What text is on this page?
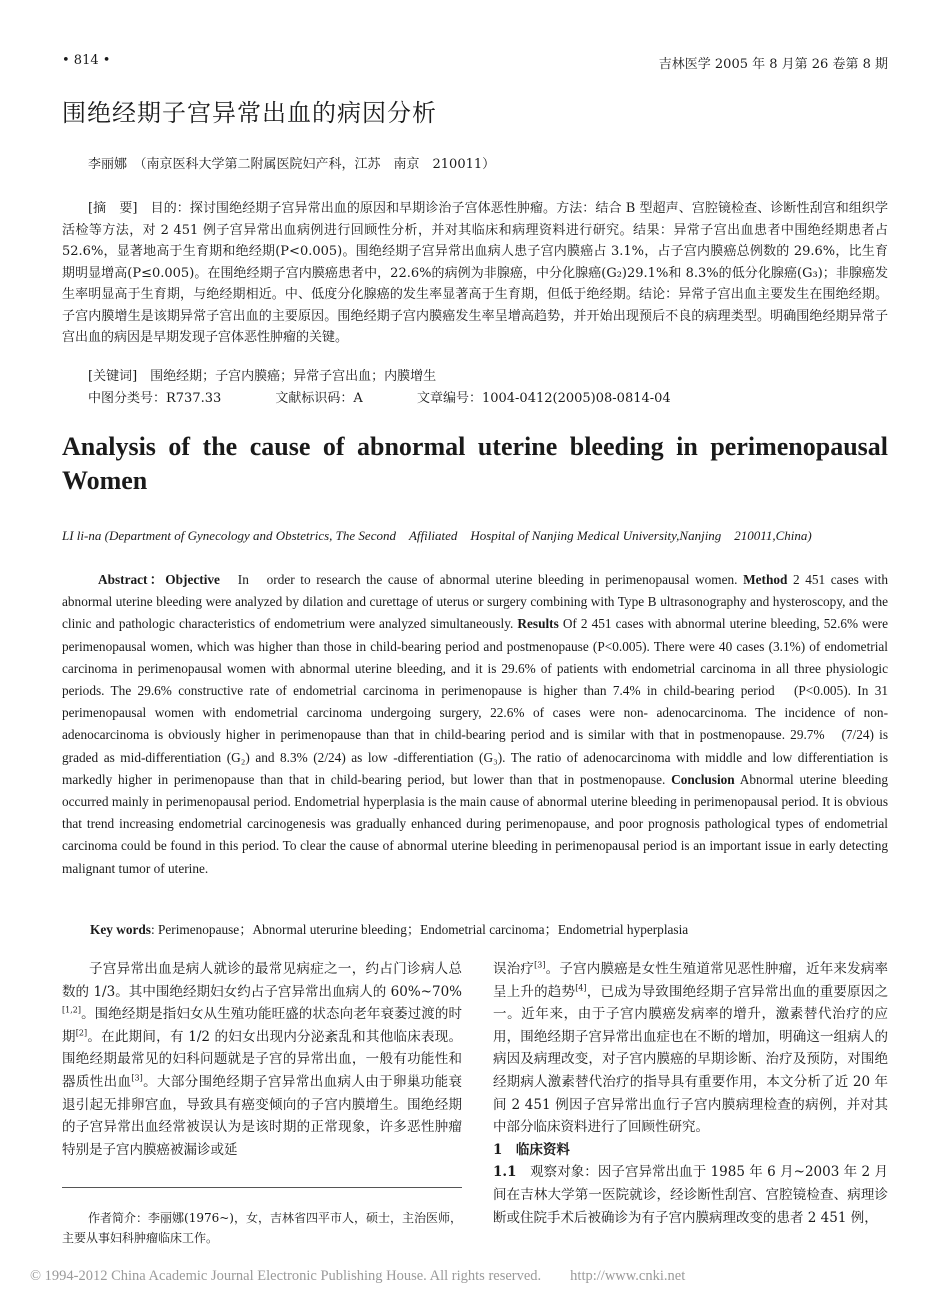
• 814 •	吉林医学 2005 年 8 月第 26 卷第 8 期
围绝经期子宫异常出血的病因分析
李丽娜　（南京医科大学第二附属医院妇产科，江苏　南京　210011）

[摘　要]　 目的：探讨围绝经期子宫异常出血的原因和早期诊治子宫体恶性肿瘤。方法：结合 B 型超声、宫腔镜检查、诊断性刮宫和组织学活检等方法，对 2 451 例子宫异常出血病例进行回顾性分析，并对其临床和病理资料进行研究。结果：异常子宫出血患者中围绝经期患者占 52.6%，显著地高于生育期和绝经期(P<0.005)。围绝经期子宫异常出血病人患子宫内膜癌占 3.1%，占子宫内膜癌总例数的 29.6%，比生育期明显增高(P≤0.005)。在围绝经期子宫内膜癌患者中，22.6%的病例为非腺癌，中分化腺癌(G₂)29.1%和 8.3%的低分化腺癌(G₃)；非腺癌发生率明显高于生育期，与绝经期相近。中、低度分化腺癌的发生率显著高于生育期，但低于绝经期。结论：异常子宫出血主要发生在围绝经期。子宫内膜增生是该期异常子宫出血的主要原因。围绝经期子宫内膜癌发生率呈增高趋势，并开始出现预后不良的病理类型。明确围绝经期异常子宫出血的病因是早期发现子宫体恶性肿瘤的关键。

[关键词]　 围绝经期；子宫内膜癌；异常子宫出血；内膜增生
中图分类号：R737.33	文献标识码：A	文章编号：1004-0412(2005)08-0814-04
Analysis of the cause of abnormal uterine bleeding in perimenopausal Women
LI li-na (Department of Gynecology and Obstetrics, The Second　Affiliated　Hospital of Nanjing Medical University,Nanjing　210011,China)

Abstract：Objective　 In　order to research the cause of abnormal uterine bleeding in perimenopausal women. Method 2 451 cases with abnormal uterine bleeding were analyzed by dilation and curettage of uterus or surgery combining with Type B ultrasonography and hysteroscopy, and the clinic and pathologic characteristics of endometrium were analyzed simultaneously. Results Of 2 451 cases with abnormal uterine bleeding, 52.6% were perimenopausal women, which was higher than those in child-bearing period and postmenopause (P<0.005). There were 40 cases (3.1%) of endometrial carcinoma in perimenopausal women with abnormal uterine bleeding, and it is 29.6% of patients with endometrial carcinoma in all three physiologic periods. The 29.6% constructive rate of endometrial carcinoma in perimenopause is higher than 7.4% in child-bearing period　(P<0.005). In 31 perimenopausal women with endometrial carcinoma undergoing surgery, 22.6% of cases were non- adenocarcinoma. The incidence of non- adenocarcinoma is obviously higher in perimenopause than that in child-bearing period and is similar with that in postmenopause. 29.7%　(7/24) is graded as mid-differentiation (G₂) and 8.3% (2/24) as low -differentiation (G₃). The ratio of adenocarcinoma with middle and low differentiation is markedly higher in perimenopause than that in child-bearing period, but lower than that in postmenopause. Conclusion Abnormal uterine bleeding occurred mainly in perimenopausal period. Endometrial hyperplasia is the main cause of abnormal uterine bleeding in perimenopausal period. It is obvious that trend increasing endometrial carcinogenesis was gradually enhanced during perimenopause, and poor prognosis pathological types of endometrial carcinoma could be found in this period. To clear the cause of abnormal uterine bleeding in perimenopausal period is an important issue in early detecting malignant tumor of uterine.

Key words: Perimenopause；Abnormal uterurine bleeding；Endometrial carcinoma；Endometrial hyperplasia

子宫异常出血是病人就诊的最常见病症之一，约占门诊病人总数的 1/3。其中围绝经期妇女约占子宫异常出血病人的 60%~70%[1,2]。围绝经期是指妇女从生殖功能旺盛的状态向老年衰萎过渡的时期[2]。在此期间，有 1/2 的妇女出现内分泌紊乱和其他临床表现。围绝经期最常见的妇科问题就是子宫的异常出血，一般有功能性和器质性出血[3]。大部分围绝经期子宫异常出血病人由于卵巢功能衰退引起无排卵宫血，导致具有癌变倾向的子宫内膜增生。围绝经期的子宫异常出血经常被误认为是该时期的正常现象，许多恶性肿瘤特别是子宫内膜癌被漏诊或延

误治疗[3]。子宫内膜癌是女性生殖道常见恶性肿瘤，近年来发病率呈上升的趋势[4]，已成为导致围绝经期子宫异常出血的重要原因之一。近年来，由于子宫内膜癌发病率的增升，激素替代治疗的应用，围绝经期子宫异常出血症也在不断的增加，明确这一组病人的病因及病理改变，对子宫内膜癌的早期诊断、治疗及预防，对围绝经期病人激素替代治疗的指导具有重要作用，本文分析了近 20 年间 2 451 例因子宫异常出血行子宫内膜病理检查的病例，并对其中部分临床资料进行了回顾性研究。

1　临床资料

1.1　观察对象：因子宫异常出血于 1985 年 6 月~2003 年 2 月间在吉林大学第一医院就诊，经诊断性刮宫、宫腔镜检查、病理诊断或住院手术后被确诊为有子宫内膜病理改变的患者 2 451 例，

作者简介：李丽娜(1976~)，女，吉林省四平市人，硕士，主治医师，主要从事妇科肿瘤临床工作。
© 1994-2012 China Academic Journal Electronic Publishing House. All rights reserved.　　http://www.cnki.net
